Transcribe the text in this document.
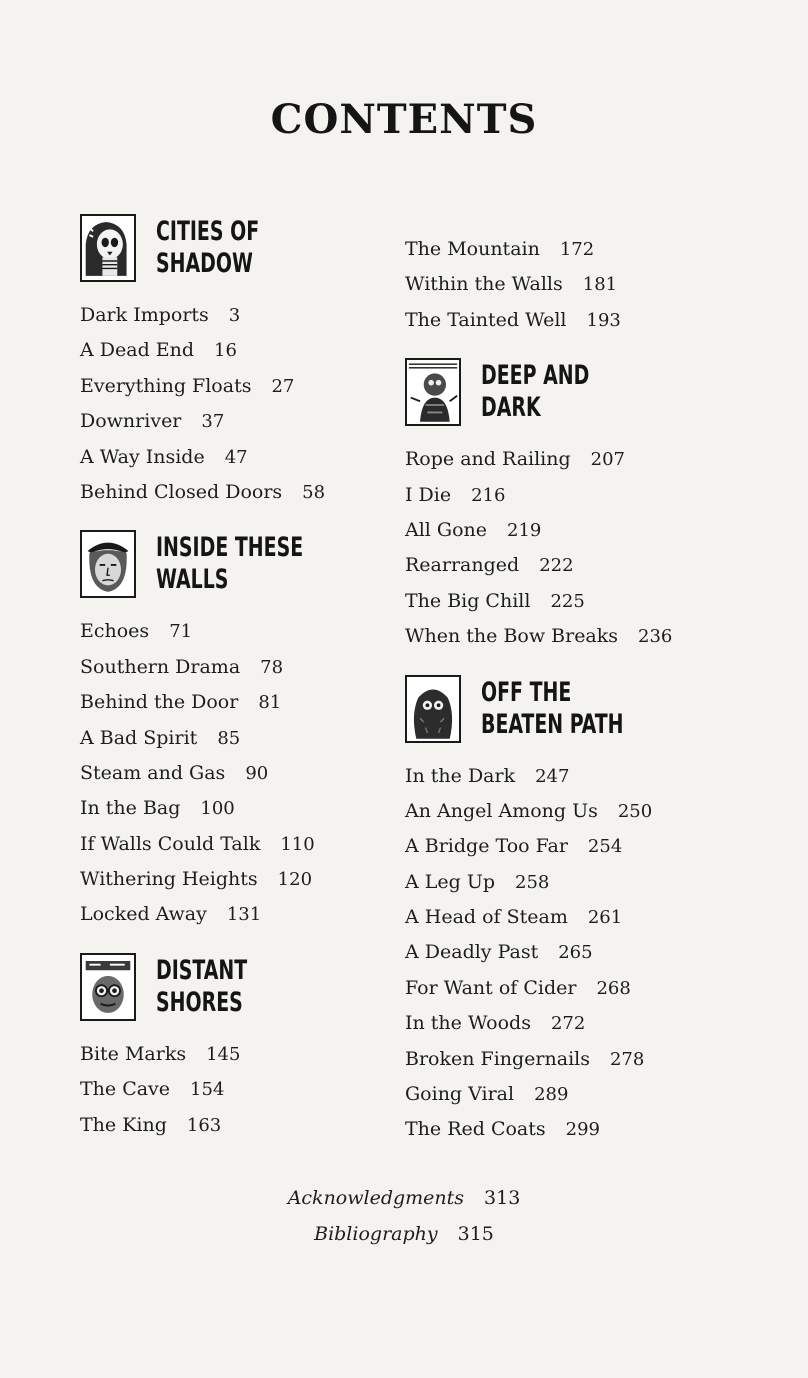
CONTENTS
CITIES OF SHADOW
Dark Imports 3
A Dead End 16
Everything Floats 27
Downriver 37
A Way Inside 47
Behind Closed Doors 58
INSIDE THESE WALLS
Echoes 71
Southern Drama 78
Behind the Door 81
A Bad Spirit 85
Steam and Gas 90
In the Bag 100
If Walls Could Talk 110
Withering Heights 120
Locked Away 131
DISTANT SHORES
Bite Marks 145
The Cave 154
The King 163
The Mountain 172
Within the Walls 181
The Tainted Well 193
DEEP AND DARK
Rope and Railing 207
I Die 216
All Gone 219
Rearranged 222
The Big Chill 225
When the Bow Breaks 236
OFF THE BEATEN PATH
In the Dark 247
An Angel Among Us 250
A Bridge Too Far 254
A Leg Up 258
A Head of Steam 261
A Deadly Past 265
For Want of Cider 268
In the Woods 272
Broken Fingernails 278
Going Viral 289
The Red Coats 299
Acknowledgments 313
Bibliography 315
